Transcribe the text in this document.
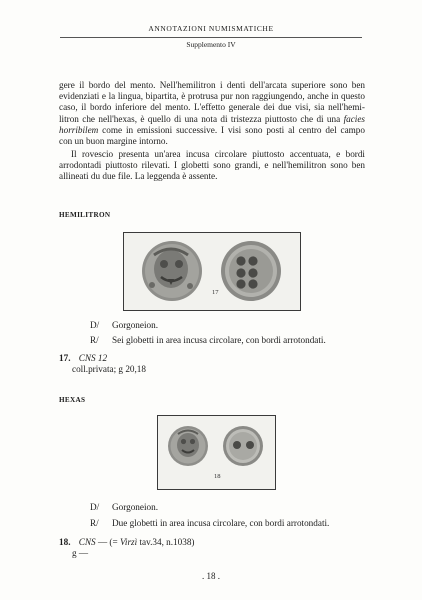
ANNOTAZIONI NUMISMATICHE
Supplemento IV

gere il bordo del mento. Nell'hemilitron i denti dell'arcata superiore sono ben
evidenziati e la lingua, bipartita, è protrusa pur non raggiungendo, anche in questo
caso, il bordo inferiore del mento. L'effetto generale dei due visi, sia nell'hemi-
litron che nell'hexas, è quello di una nota di tristezza piuttosto che di una facies
horribilem come in emissioni successive. I visi sono posti al centro del campo
con un buon margine intorno.

Il rovescio presenta un'area incusa circolare piuttosto accentuata, e bordi
arrodontadi piuttosto rilevati. I globetti sono grandi, e nell'hemilitron sono ben
allineati du due file. La leggenda è assente.

HEMILITRON
17
D/ Gorgoneion.
R/ Sei globetti in area incusa circolare, con bordi arrotondati.
17. CNS 12
coll.privata; g 20,18
HEXAS
18
D/ Gorgoneion.
R/ Due globetti in area incusa circolare, con bordi arrotondati.
18. CNS — (= Virzì tav.34, n.1038)
g —
. 18 .
